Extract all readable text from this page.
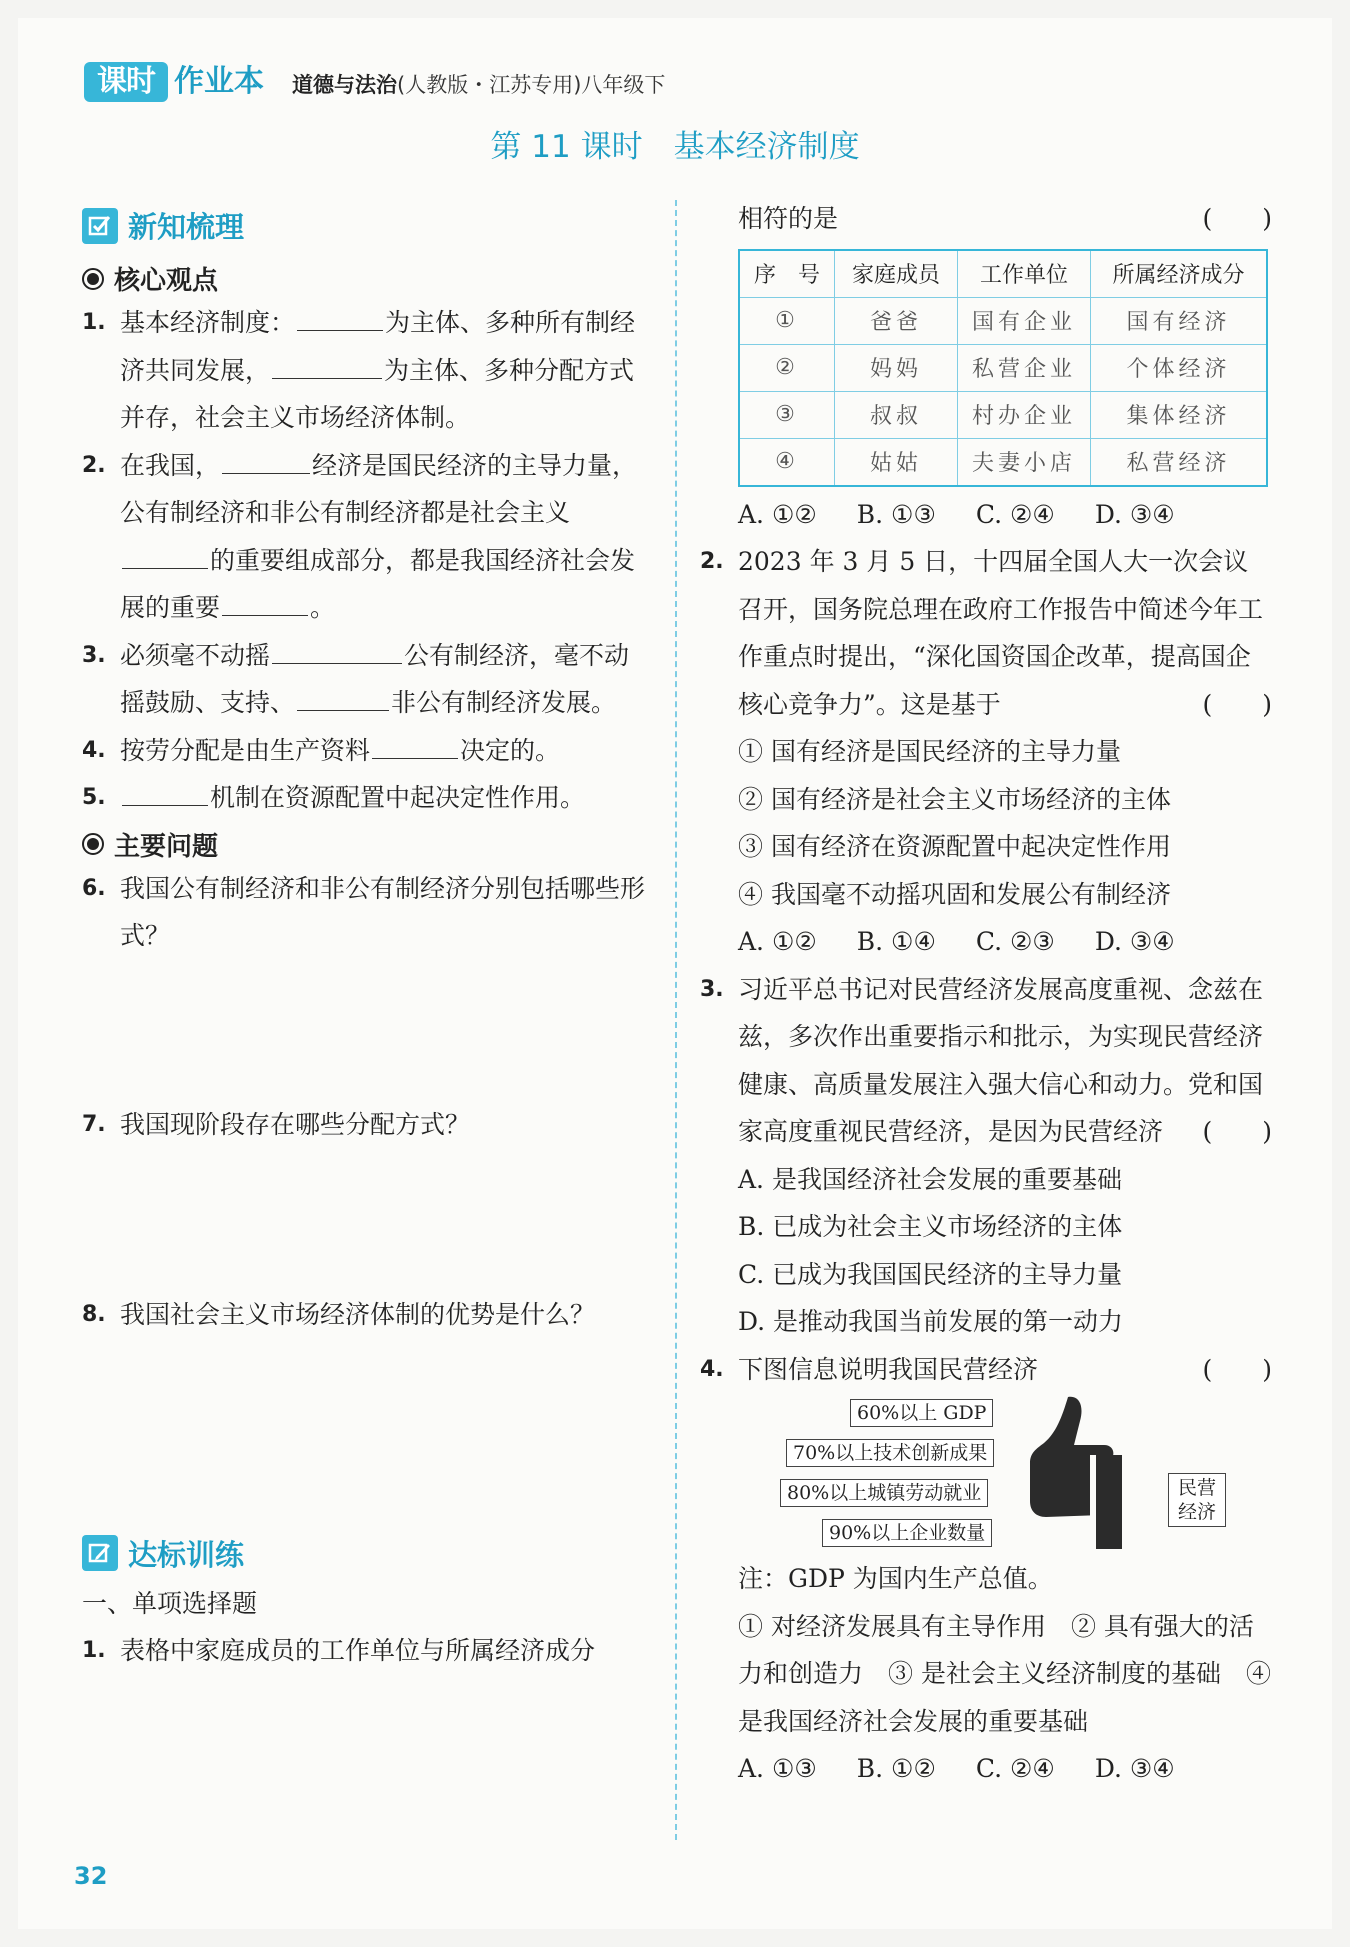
课时 作业本 道德与法治(人教版・江苏专用)八年级下
第 11 课时　基本经济制度
新知梳理
核心观点
1. 基本经济制度：	为主体、多种所有制经济共同发展，	为主体、多种分配方式并存，社会主义市场经济体制。
2. 在我国，	经济是国民经济的主导力量，公有制经济和非公有制经济都是社会主义的重要组成部分，都是我国经济社会发展的重要	。
3. 必须毫不动摇	公有制经济，毫不动摇鼓励、支持、	非公有制经济发展。
4. 按劳分配是由生产资料	决定的。
5.	机制在资源配置中起决定性作用。
主要问题
6. 我国公有制经济和非公有制经济分别包括哪些形式？
7. 我国现阶段存在哪些分配方式？
8. 我国社会主义市场经济体制的优势是什么？
达标训练
一、单项选择题
1. 表格中家庭成员的工作单位与所属经济成分
相符的是	(　　)
序　号	家庭成员	工作单位	所属经济成分
①	爸爸	国有企业	国有经济
②	妈妈	私营企业	个体经济
③	叔叔	村办企业	集体经济
④	姑姑	夫妻小店	私营经济
A. ①② B. ①③ C. ②④ D. ③④
2. 2023 年 3 月 5 日，十四届全国人大一次会议召开，国务院总理在政府工作报告中简述今年工作重点时提出，“深化国资国企改革，提高国企核心竞争力”。这是基于	(　　)
① 国有经济是国民经济的主导力量
② 国有经济是社会主义市场经济的主体
③ 国有经济在资源配置中起决定性作用
④ 我国毫不动摇巩固和发展公有制经济
A. ①② B. ①④ C. ②③ D. ③④
3. 习近平总书记对民营经济发展高度重视、念兹在兹，多次作出重要指示和批示，为实现民营经济健康、高质量发展注入强大信心和动力。党和国家高度重视民营经济，是因为民营经济	(　　)
A. 是我国经济社会发展的重要基础
B. 已成为社会主义市场经济的主体
C. 已成为我国国民经济的主导力量
D. 是推动我国当前发展的第一动力
4. 下图信息说明我国民营经济	(　　)
60%以上 GDP
70%以上技术创新成果
80%以上城镇劳动就业
90%以上企业数量
民营
经济
注：GDP 为国内生产总值。
① 对经济发展具有主导作用　② 具有强大的活力和创造力　③ 是社会主义经济制度的基础　④ 是我国经济社会发展的重要基础
A. ①③ B. ①② C. ②④ D. ③④
32
